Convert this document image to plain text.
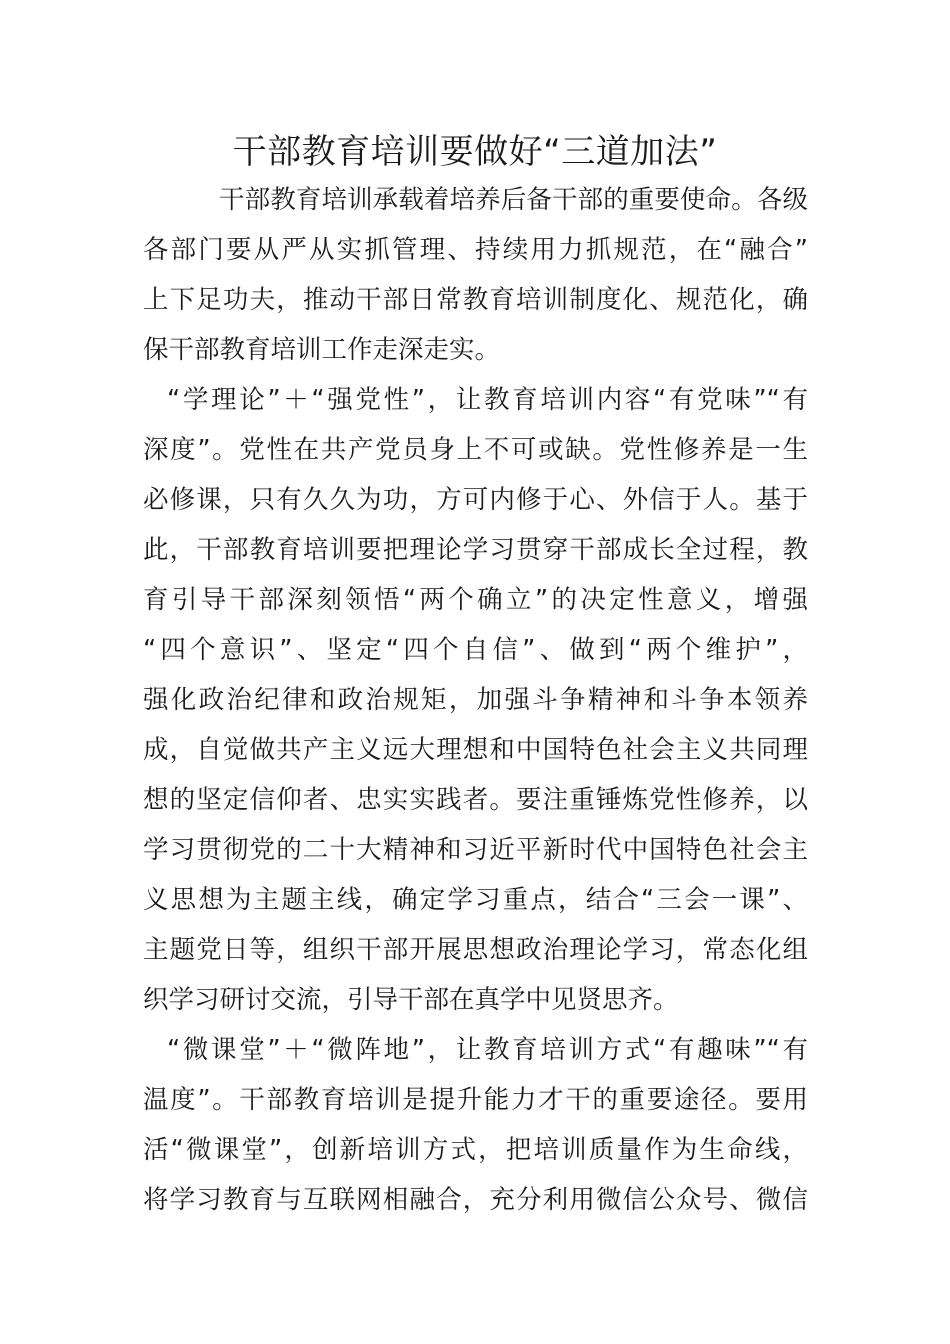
干部教育培训要做好“三道加法”
干部教育培训承载着培养后备干部的重要使命。各级
各部门要从严从实抓管理、持续用力抓规范，在“融合”
上下足功夫，推动干部日常教育培训制度化、规范化，确
保干部教育培训工作走深走实。
“学理论”＋“强党性”，让教育培训内容“有党味”“有
深度”。党性在共产党员身上不可或缺。党性修养是一生
必修课，只有久久为功，方可内修于心、外信于人。基于
此，干部教育培训要把理论学习贯穿干部成长全过程，教
育引导干部深刻领悟“两个确立”的决定性意义，增强
“四个意识”、坚定“四个自信”、做到“两个维护”，
强化政治纪律和政治规矩，加强斗争精神和斗争本领养
成，自觉做共产主义远大理想和中国特色社会主义共同理
想的坚定信仰者、忠实实践者。要注重锤炼党性修养，以
学习贯彻党的二十大精神和习近平新时代中国特色社会主
义思想为主题主线，确定学习重点，结合“三会一课”、
主题党日等，组织干部开展思想政治理论学习，常态化组
织学习研讨交流，引导干部在真学中见贤思齐。
“微课堂”＋“微阵地”，让教育培训方式“有趣味”“有
温度”。干部教育培训是提升能力才干的重要途径。要用
活“微课堂”，创新培训方式，把培训质量作为生命线，
将学习教育与互联网相融合，充分利用微信公众号、微信
